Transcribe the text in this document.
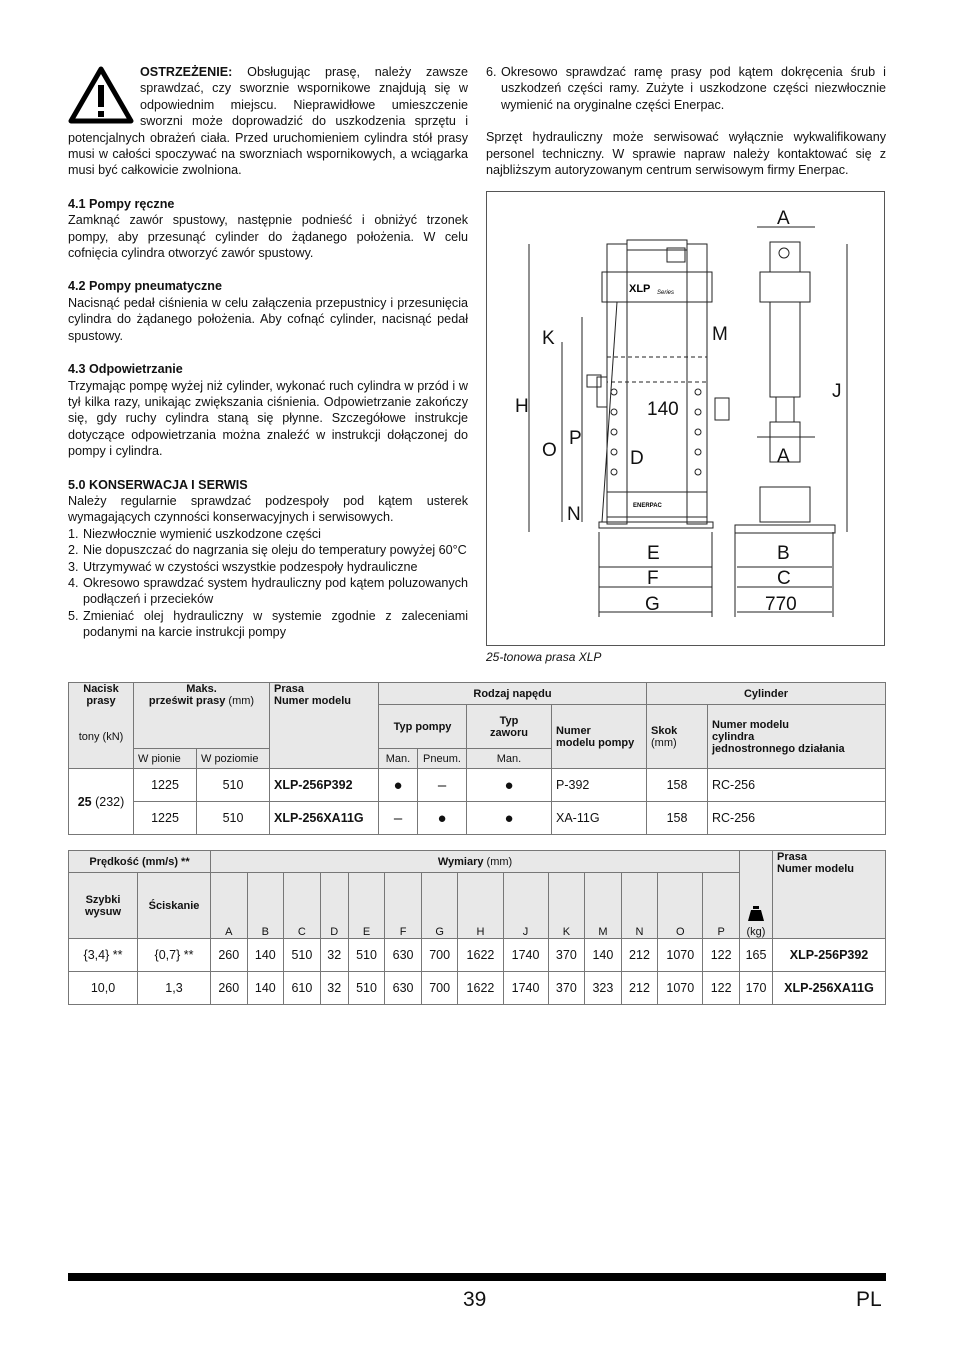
OSTRZEŻENIE: Obsługując prasę, należy zawsze sprawdzać, czy sworznie wspornikowe znajdują się w odpowiednim miejscu. Nieprawidłowe umieszczenie sworzni może doprowadzić do uszkodzenia sprzętu i potencjalnych obrażeń ciała. Przed uruchomieniem cylindra stół prasy musi w całości spoczywać na sworzniach wspornikowych, a wciągarka musi być całkowicie zwolniona.

4.1 Pompy ręczne

Zamknąć zawór spustowy, następnie podnieść i obniżyć trzonek pompy, aby przesunąć cylinder do żądanego położenia. W celu cofnięcia cylindra otworzyć zawór spustowy.

4.2 Pompy pneumatyczne

Nacisnąć pedał ciśnienia w celu załączenia przepustnicy i przesunięcia cylindra do żądanego położenia. Aby cofnąć cylinder, nacisnąć pedał spustowy.

4.3 Odpowietrzanie

Trzymając pompę wyżej niż cylinder, wykonać ruch cylindra w przód i w tył kilka razy, unikając zwiększania ciśnienia. Odpowietrzanie zakończy się, gdy ruchy cylindra staną się płynne. Szczegółowe instrukcje dotyczące odpowietrzania można znaleźć w instrukcji dołączonej do pompy i cylindra.

5.0 KONSERWACJA I SERWIS

Należy regularnie sprawdzać podzespoły pod kątem usterek wymagających czynności konserwacyjnych i serwisowych.

1. Niezwłocznie wymienić uszkodzone części
2. Nie dopuszczać do nagrzania się oleju do temperatury powyżej 60°C
3. Utrzymywać w czystości wszystkie podzespoły hydrauliczne
4. Okresowo sprawdzać system hydrauliczny pod kątem poluzowanych podłączeń i przecieków
5. Zmieniać olej hydrauliczny w systemie zgodnie z zaleceniami podanymi na karcie instrukcji pompy
6. Okresowo sprawdzać ramę prasy pod kątem dokręcenia śrub i uszkodzeń części ramy. Zużyte i uszkodzone części niezwłocznie wymienić na oryginalne części Enerpac.

Sprzęt hydrauliczny może serwisować wyłącznie wykwalifikowany personel techniczny. W sprawie napraw należy kontaktować się z najbliższym autoryzowanym centrum serwisowym firmy Enerpac.

A
K	M
H
J
140
P
O	D	A
N
E	B
F	C
G	770
XLP Series
ENERPAC
25-tonowa prasa XLP
Nacisk
prasy

tony (kN)	Maks.
prześwit prasy (mm)		Prasa
Numer modelu	Rodzaj napędu				Cylinder	
				Typ pompy		Typ
zaworu	Numer
modelu pompy	Skok
(mm)	Numer modelu
cylindra
jednostronnego działania
	W pionie	W poziomie		Man.	Pneum.	Man.			
25 (232)	1225	510	XLP-256P392	●	–	●	P-392	158	RC-256
	1225	510	XLP-256XA11G	–	●	●	XA-11G	158	RC-256
Prędkość (mm/s) **		Wymiary (mm)														(kg)	Prasa
Numer modelu
Szybki
wysuw	Ściskanie	A	B	C	D	E	F	G	H	J	K	M	N	O	P		
{3,4} **	{0,7} **	260	140	510	32	510	630	700	1622	1740	370	140	212	1070	122	165	XLP-256P392
10,0	1,3	260	140	610	32	510	630	700	1622	1740	370	323	212	1070	122	170	XLP-256XA11G
39	PL
